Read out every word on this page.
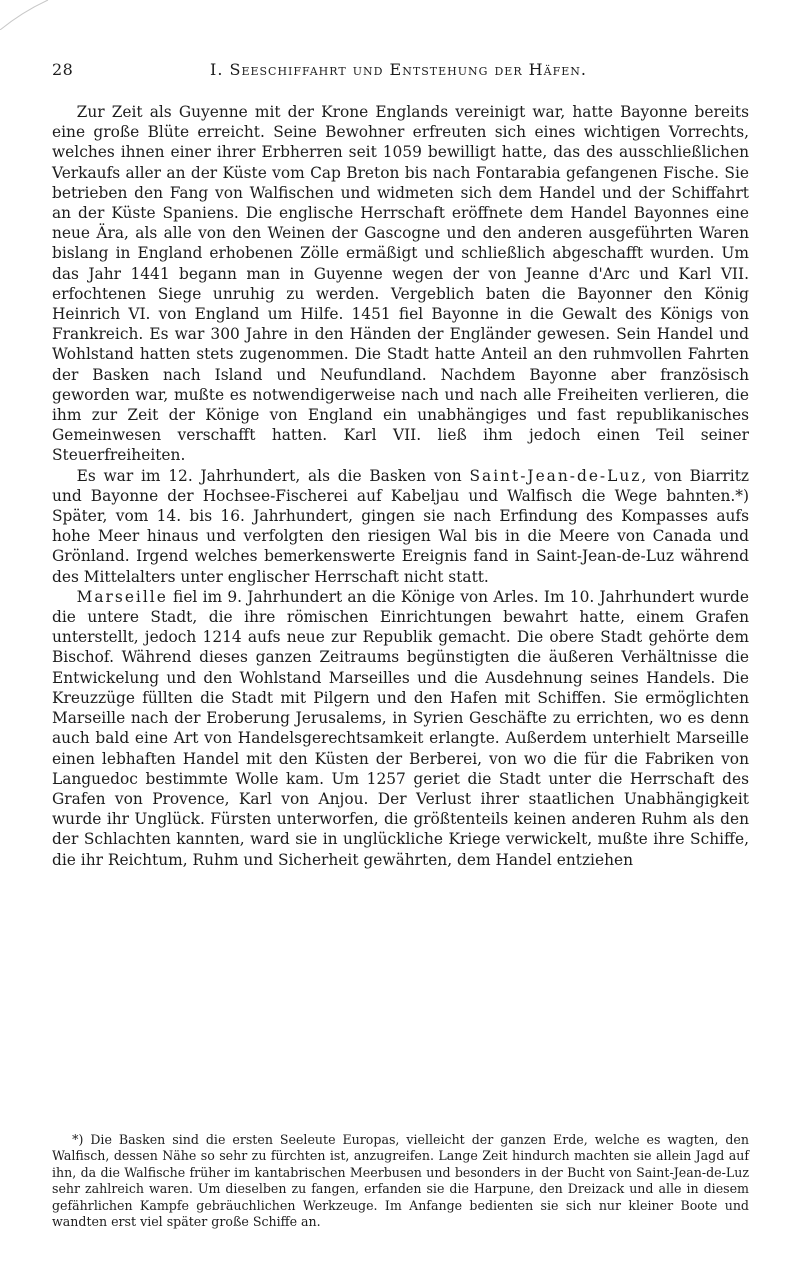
28	I. Seeschiffahrt und Entstehung der Häfen.

Zur Zeit als Guyenne mit der Krone Englands vereinigt war, hatte Bayonne bereits eine große Blüte erreicht. Seine Bewohner erfreuten sich eines wichtigen Vorrechts, welches ihnen einer ihrer Erbherren seit 1059 bewilligt hatte, das des ausschließlichen Verkaufs aller an der Küste vom Cap Breton bis nach Fontarabia gefangenen Fische. Sie betrieben den Fang von Walfischen und widmeten sich dem Handel und der Schiffahrt an der Küste Spaniens. Die englische Herrschaft eröffnete dem Handel Bayonnes eine neue Ära, als alle von den Weinen der Gascogne und den anderen ausgeführten Waren bislang in England erhobenen Zölle ermäßigt und schließlich abgeschafft wurden. Um das Jahr 1441 begann man in Guyenne wegen der von Jeanne d'Arc und Karl VII. erfochtenen Siege unruhig zu werden. Vergeblich baten die Bayonner den König Heinrich VI. von England um Hilfe. 1451 fiel Bayonne in die Gewalt des Königs von Frankreich. Es war 300 Jahre in den Händen der Engländer gewesen. Sein Handel und Wohlstand hatten stets zugenommen. Die Stadt hatte Anteil an den ruhmvollen Fahrten der Basken nach Island und Neufundland. Nachdem Bayonne aber französisch geworden war, mußte es notwendigerweise nach und nach alle Freiheiten verlieren, die ihm zur Zeit der Könige von England ein unabhängiges und fast republikanisches Gemeinwesen verschafft hatten. Karl VII. ließ ihm jedoch einen Teil seiner Steuerfreiheiten.

Es war im 12. Jahrhundert, als die Basken von Saint-Jean-de-Luz, von Biarritz und Bayonne der Hochsee-Fischerei auf Kabeljau und Walfisch die Wege bahnten.*) Später, vom 14. bis 16. Jahrhundert, gingen sie nach Erfindung des Kompasses aufs hohe Meer hinaus und verfolgten den riesigen Wal bis in die Meere von Canada und Grönland. Irgend welches bemerkenswerte Ereignis fand in Saint-Jean-de-Luz während des Mittelalters unter englischer Herrschaft nicht statt.

Marseille fiel im 9. Jahrhundert an die Könige von Arles. Im 10. Jahrhundert wurde die untere Stadt, die ihre römischen Einrichtungen bewahrt hatte, einem Grafen unterstellt, jedoch 1214 aufs neue zur Republik gemacht. Die obere Stadt gehörte dem Bischof. Während dieses ganzen Zeitraums begünstigten die äußeren Verhältnisse die Entwickelung und den Wohlstand Marseilles und die Ausdehnung seines Handels. Die Kreuzzüge füllten die Stadt mit Pilgern und den Hafen mit Schiffen. Sie ermöglichten Marseille nach der Eroberung Jerusalems, in Syrien Geschäfte zu errichten, wo es denn auch bald eine Art von Handelsgerechtsamkeit erlangte. Außerdem unterhielt Marseille einen lebhaften Handel mit den Küsten der Berberei, von wo die für die Fabriken von Languedoc bestimmte Wolle kam. Um 1257 geriet die Stadt unter die Herrschaft des Grafen von Provence, Karl von Anjou. Der Verlust ihrer staatlichen Unabhängigkeit wurde ihr Unglück. Fürsten unterworfen, die größtenteils keinen anderen Ruhm als den der Schlachten kannten, ward sie in unglückliche Kriege verwickelt, mußte ihre Schiffe, die ihr Reichtum, Ruhm und Sicherheit gewährten, dem Handel entziehen

*) Die Basken sind die ersten Seeleute Europas, vielleicht der ganzen Erde, welche es wagten, den Walfisch, dessen Nähe so sehr zu fürchten ist, anzugreifen. Lange Zeit hindurch machten sie allein Jagd auf ihn, da die Walfische früher im kantabrischen Meerbusen und besonders in der Bucht von Saint-Jean-de-Luz sehr zahlreich waren. Um dieselben zu fangen, erfanden sie die Harpune, den Dreizack und alle in diesem gefährlichen Kampfe gebräuchlichen Werkzeuge. Im Anfange bedienten sie sich nur kleiner Boote und wandten erst viel später große Schiffe an.
